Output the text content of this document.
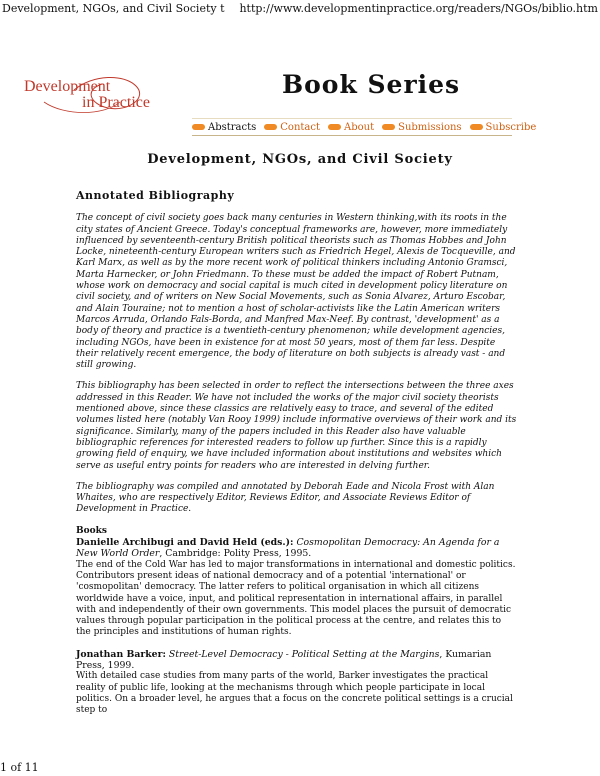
Development, NGOs, and Civil Society t http://www.developmentinpractice.org/readers/NGOs/biblio.htm
Development
in Practice
Book Series
Abstracts Contact About Submissions Subscribe
Development, NGOs, and Civil Society
Annotated Bibliography

The concept of civil society goes back many centuries in Western thinking,with its roots in the city states of Ancient Greece. Today's conceptual frameworks are, however, more immediately influenced by seventeenth-century British political theorists such as Thomas Hobbes and John Locke, nineteenth-century European writers such as Friedrich Hegel, Alexis de Tocqueville, and Karl Marx, as well as by the more recent work of political thinkers including Antonio Gramsci, Marta Harnecker, or John Friedmann. To these must be added the impact of Robert Putnam, whose work on democracy and social capital is much cited in development policy literature on civil society, and of writers on New Social Movements, such as Sonia Alvarez, Arturo Escobar, and Alain Touraine; not to mention a host of scholar-activists like the Latin American writers Marcos Arruda, Orlando Fals-Borda, and Manfred Max-Neef. By contrast, 'development' as a body of theory and practice is a twentieth-century phenomenon; while development agencies, including NGOs, have been in existence for at most 50 years, most of them far less. Despite their relatively recent emergence, the body of literature on both subjects is already vast - and still growing.

This bibliography has been selected in order to reflect the intersections between the three axes addressed in this Reader. We have not included the works of the major civil society theorists mentioned above, since these classics are relatively easy to trace, and several of the edited volumes listed here (notably Van Rooy 1999) include informative overviews of their work and its significance. Similarly, many of the papers included in this Reader also have valuable bibliographic references for interested readers to follow up further. Since this is a rapidly growing field of enquiry, we have included information about institutions and websites which serve as useful entry points for readers who are interested in delving further.

The bibliography was compiled and annotated by Deborah Eade and Nicola Frost with Alan Whaites, who are respectively Editor, Reviews Editor, and Associate Reviews Editor of Development in Practice.

Books
Danielle Archibugi and David Held (eds.): Cosmopolitan Democracy: An Agenda for a New World Order, Cambridge: Polity Press, 1995.
The end of the Cold War has led to major transformations in international and domestic politics. Contributors present ideas of national democracy and of a potential 'international' or 'cosmopolitan' democracy. The latter refers to political organisation in which all citizens worldwide have a voice, input, and political representation in international affairs, in parallel with and independently of their own governments. This model places the pursuit of democratic values through popular participation in the political process at the centre, and relates this to the principles and institutions of human rights.
Jonathan Barker: Street-Level Democracy - Political Setting at the Margins, Kumarian Press, 1999.
With detailed case studies from many parts of the world, Barker investigates the practical reality of public life, looking at the mechanisms through which people participate in local politics. On a broader level, he argues that a focus on the concrete political settings is a crucial step to
1 of 11
